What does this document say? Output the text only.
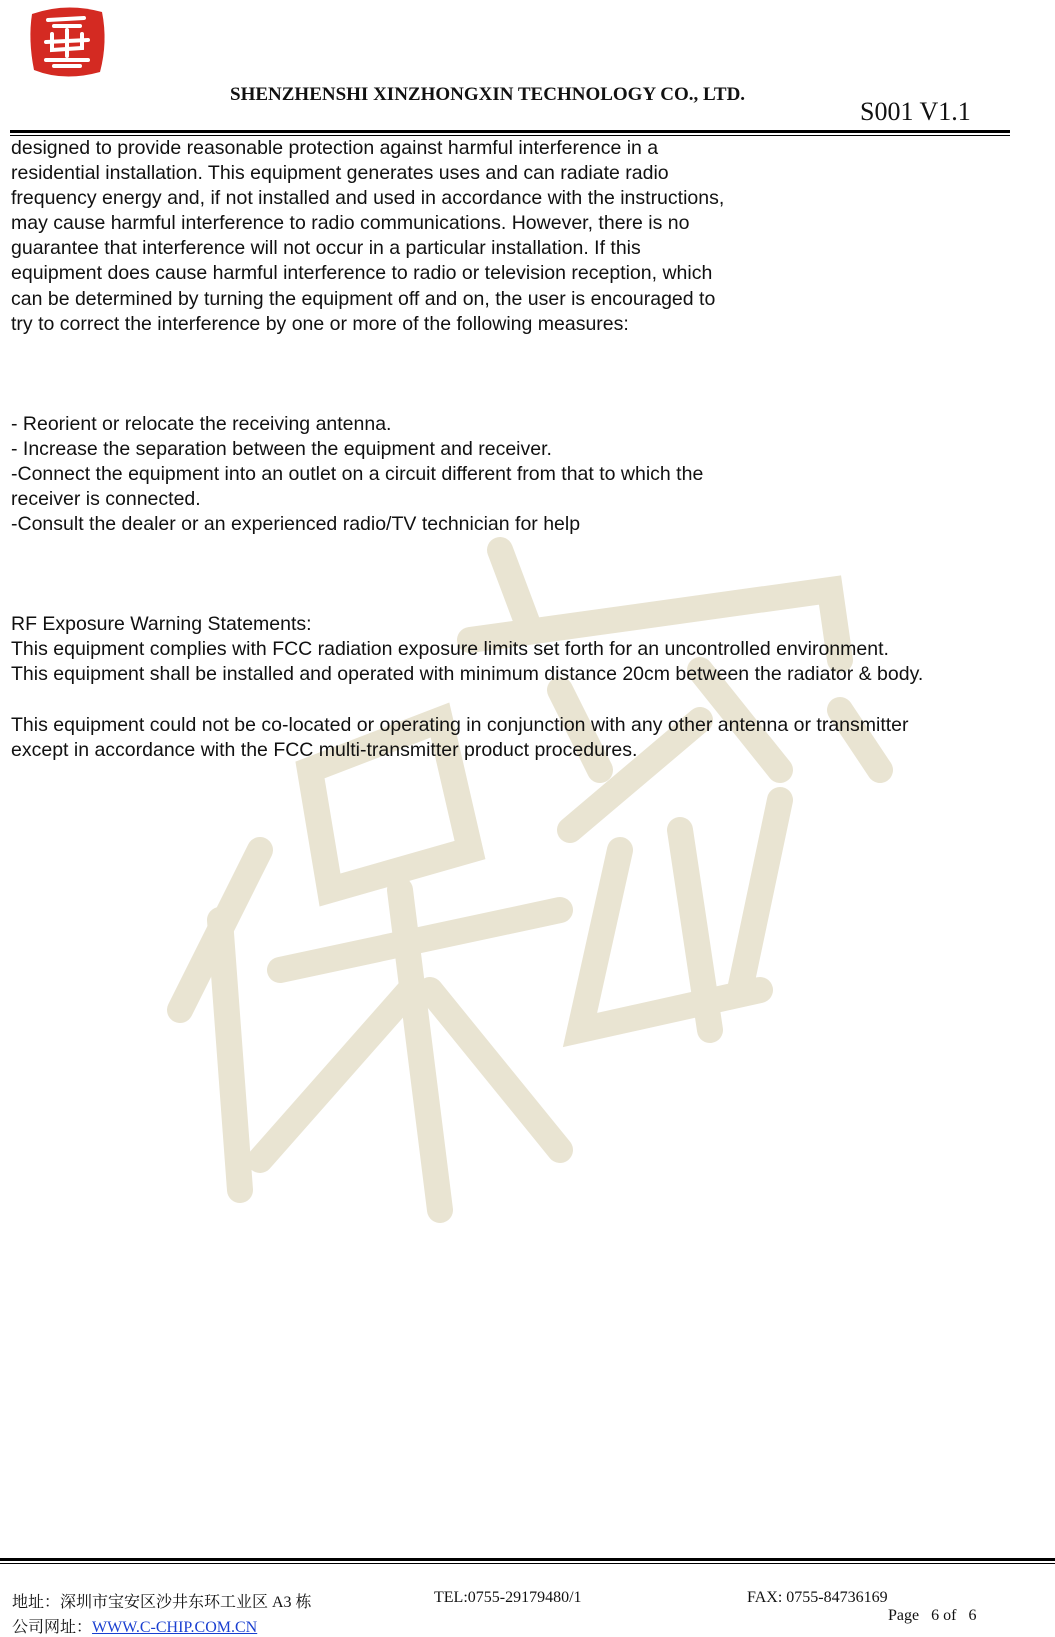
SHENZHENSHI XINZHONGXIN TECHNOLOGY CO., LTD.
S001 V1.1

designed to provide reasonable protection against harmful interference in a

residential installation. This equipment generates uses and can radiate radio

frequency energy and, if not installed and used in accordance with the instructions,

may cause harmful interference to radio communications. However, there is no

guarantee that interference will not occur in a particular installation. If this

equipment does cause harmful interference to radio or television reception, which

can be determined by turning the equipment off and on, the user is encouraged to

try to correct the interference by one or more of the following measures:

- Reorient or relocate the receiving antenna.

- Increase the separation between the equipment and receiver.

-Connect the equipment into an outlet on a circuit different from that to which the

receiver is connected.

-Consult the dealer or an experienced radio/TV technician for help

RF Exposure Warning Statements:

This equipment complies with FCC radiation exposure limits set forth for an uncontrolled environment.

This equipment shall be installed and operated with minimum distance 20cm between the radiator & body.

This equipment could not be co-located or operating in conjunction with any other antenna or transmitter

except in accordance with the FCC multi-transmitter product procedures.

地址：深圳市宝安区沙井东环工业区 A3 栋	TEL:0755-29179480/1	FAX: 0755-84736169
公司网址：WWW.C-CHIP.COM.CN
Page 6 of 6
